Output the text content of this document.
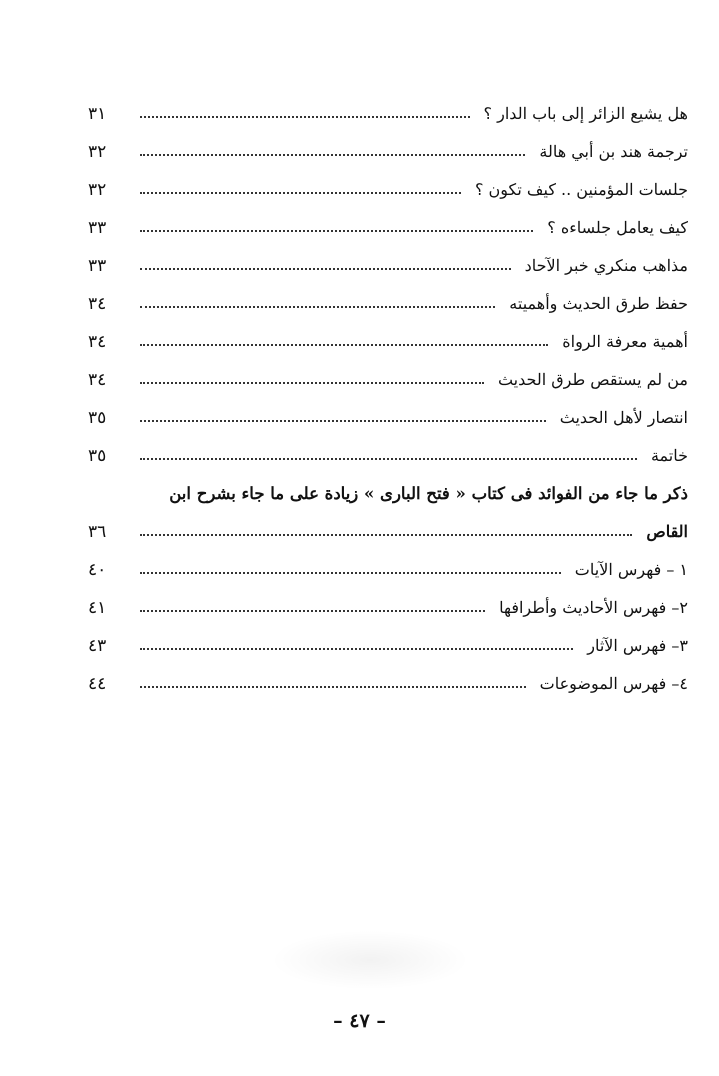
هل يشيع الزائر إلى باب الدار ؟
٣١
ترجمة هند بن أبي هالة
٣٢
جلسات المؤمنين .. كيف تكون ؟
٣٢
كيف يعامل جلساءه ؟
٣٣
مذاهب منكري خبر الآحاد
٣٣
حفظ طرق الحديث وأهميته
٣٤
أهمية معرفة الرواة
٣٤
من لم يستقص طرق الحديث
٣٤
انتصار لأهل الحديث
٣٥
خاتمة
٣٥
ذكر ما جاء من الفوائد فى كتاب « فتح البارى » زيادة على ما جاء بشرح ابن
القاص
٣٦
١ – فهرس الآيات
٤٠
٢– فهرس الأحاديث وأطرافها
٤١
٣– فهرس الآثار
٤٣
٤– فهرس الموضوعات
٤٤
– ٤٧ –
